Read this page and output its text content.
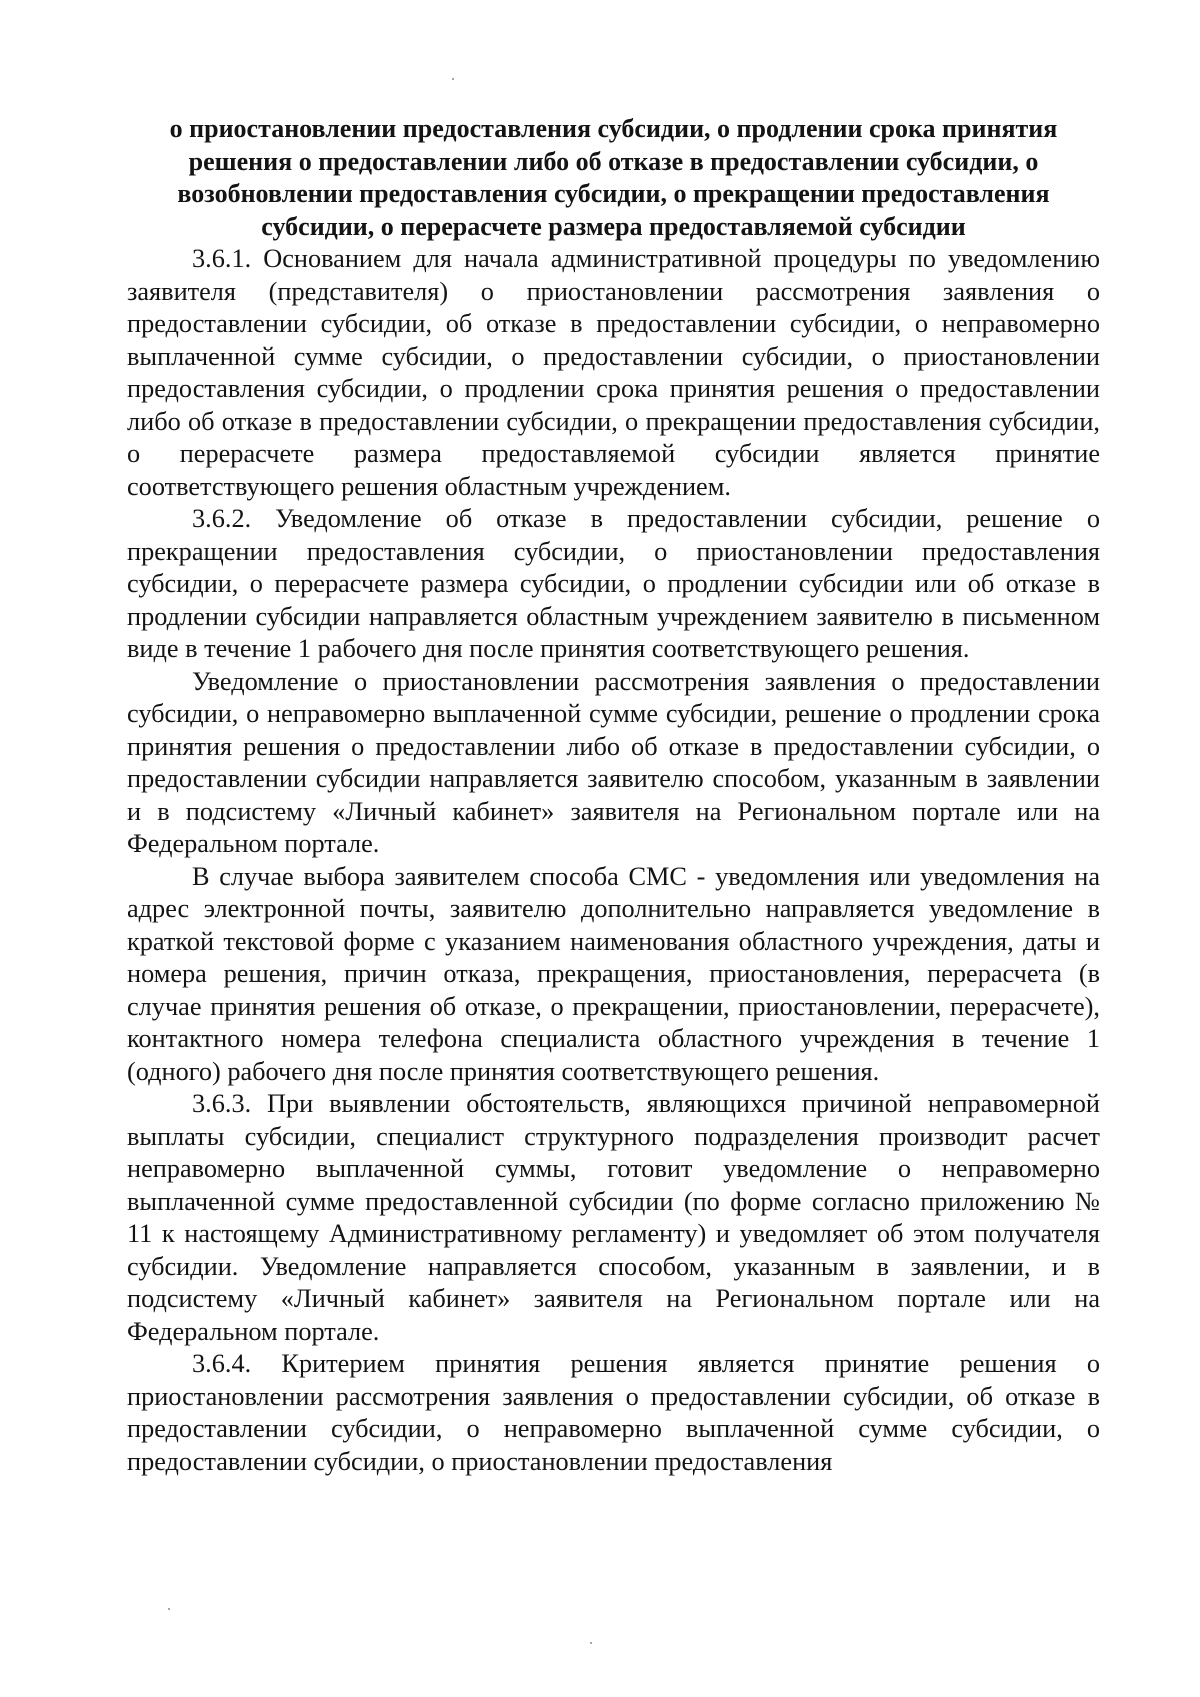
о приостановлении предоставления субсидии, о продлении срока принятия решения о предоставлении либо об отказе в предоставлении субсидии, о возобновлении предоставления субсидии, о прекращении предоставления субсидии, о перерасчете размера предоставляемой субсидии

3.6.1. Основанием для начала административной процедуры по уведомлению заявителя (представителя) о приостановлении рассмотрения заявления о предоставлении субсидии, об отказе в предоставлении субсидии, о неправомерно выплаченной сумме субсидии, о предоставлении субсидии, о приостановлении предоставления субсидии, о продлении срока принятия решения о предоставлении либо об отказе в предоставлении субсидии, о прекращении предоставления субсидии, о перерасчете размера предоставляемой субсидии является принятие соответствующего решения областным учреждением.

3.6.2. Уведомление об отказе в предоставлении субсидии, решение о прекращении предоставления субсидии, о приостановлении предоставления субсидии, о перерасчете размера субсидии, о продлении субсидии или об отказе в продлении субсидии направляется областным учреждением заявителю в письменном виде в течение 1 рабочего дня после принятия соответствующего решения.

Уведомление о приостановлении рассмотрения заявления о предоставлении субсидии, о неправомерно выплаченной сумме субсидии, решение о продлении срока принятия решения о предоставлении либо об отказе в предоставлении субсидии, о предоставлении субсидии направляется заявителю способом, указанным в заявлении и в подсистему «Личный кабинет» заявителя на Региональном портале или на Федеральном портале.

В случае выбора заявителем способа СМС - уведомления или уведомления на адрес электронной почты, заявителю дополнительно направляется уведомление в краткой текстовой форме с указанием наименования областного учреждения, даты и номера решения, причин отказа, прекращения, приостановления, перерасчета (в случае принятия решения об отказе, о прекращении, приостановлении, перерасчете), контактного номера телефона специалиста областного учреждения в течение 1 (одного) рабочего дня после принятия соответствующего решения.

3.6.3. При выявлении обстоятельств, являющихся причиной неправомерной выплаты субсидии, специалист структурного подразделения производит расчет неправомерно выплаченной суммы, готовит уведомление о неправомерно выплаченной сумме предоставленной субсидии (по форме согласно приложению № 11 к настоящему Административному регламенту) и уведомляет об этом получателя субсидии. Уведомление направляется способом, указанным в заявлении, и в подсистему «Личный кабинет» заявителя на Региональном портале или на Федеральном портале.

3.6.4. Критерием принятия решения является принятие решения о приостановлении рассмотрения заявления о предоставлении субсидии, об отказе в предоставлении субсидии, о неправомерно выплаченной сумме субсидии, о предоставлении субсидии, о приостановлении предоставления
